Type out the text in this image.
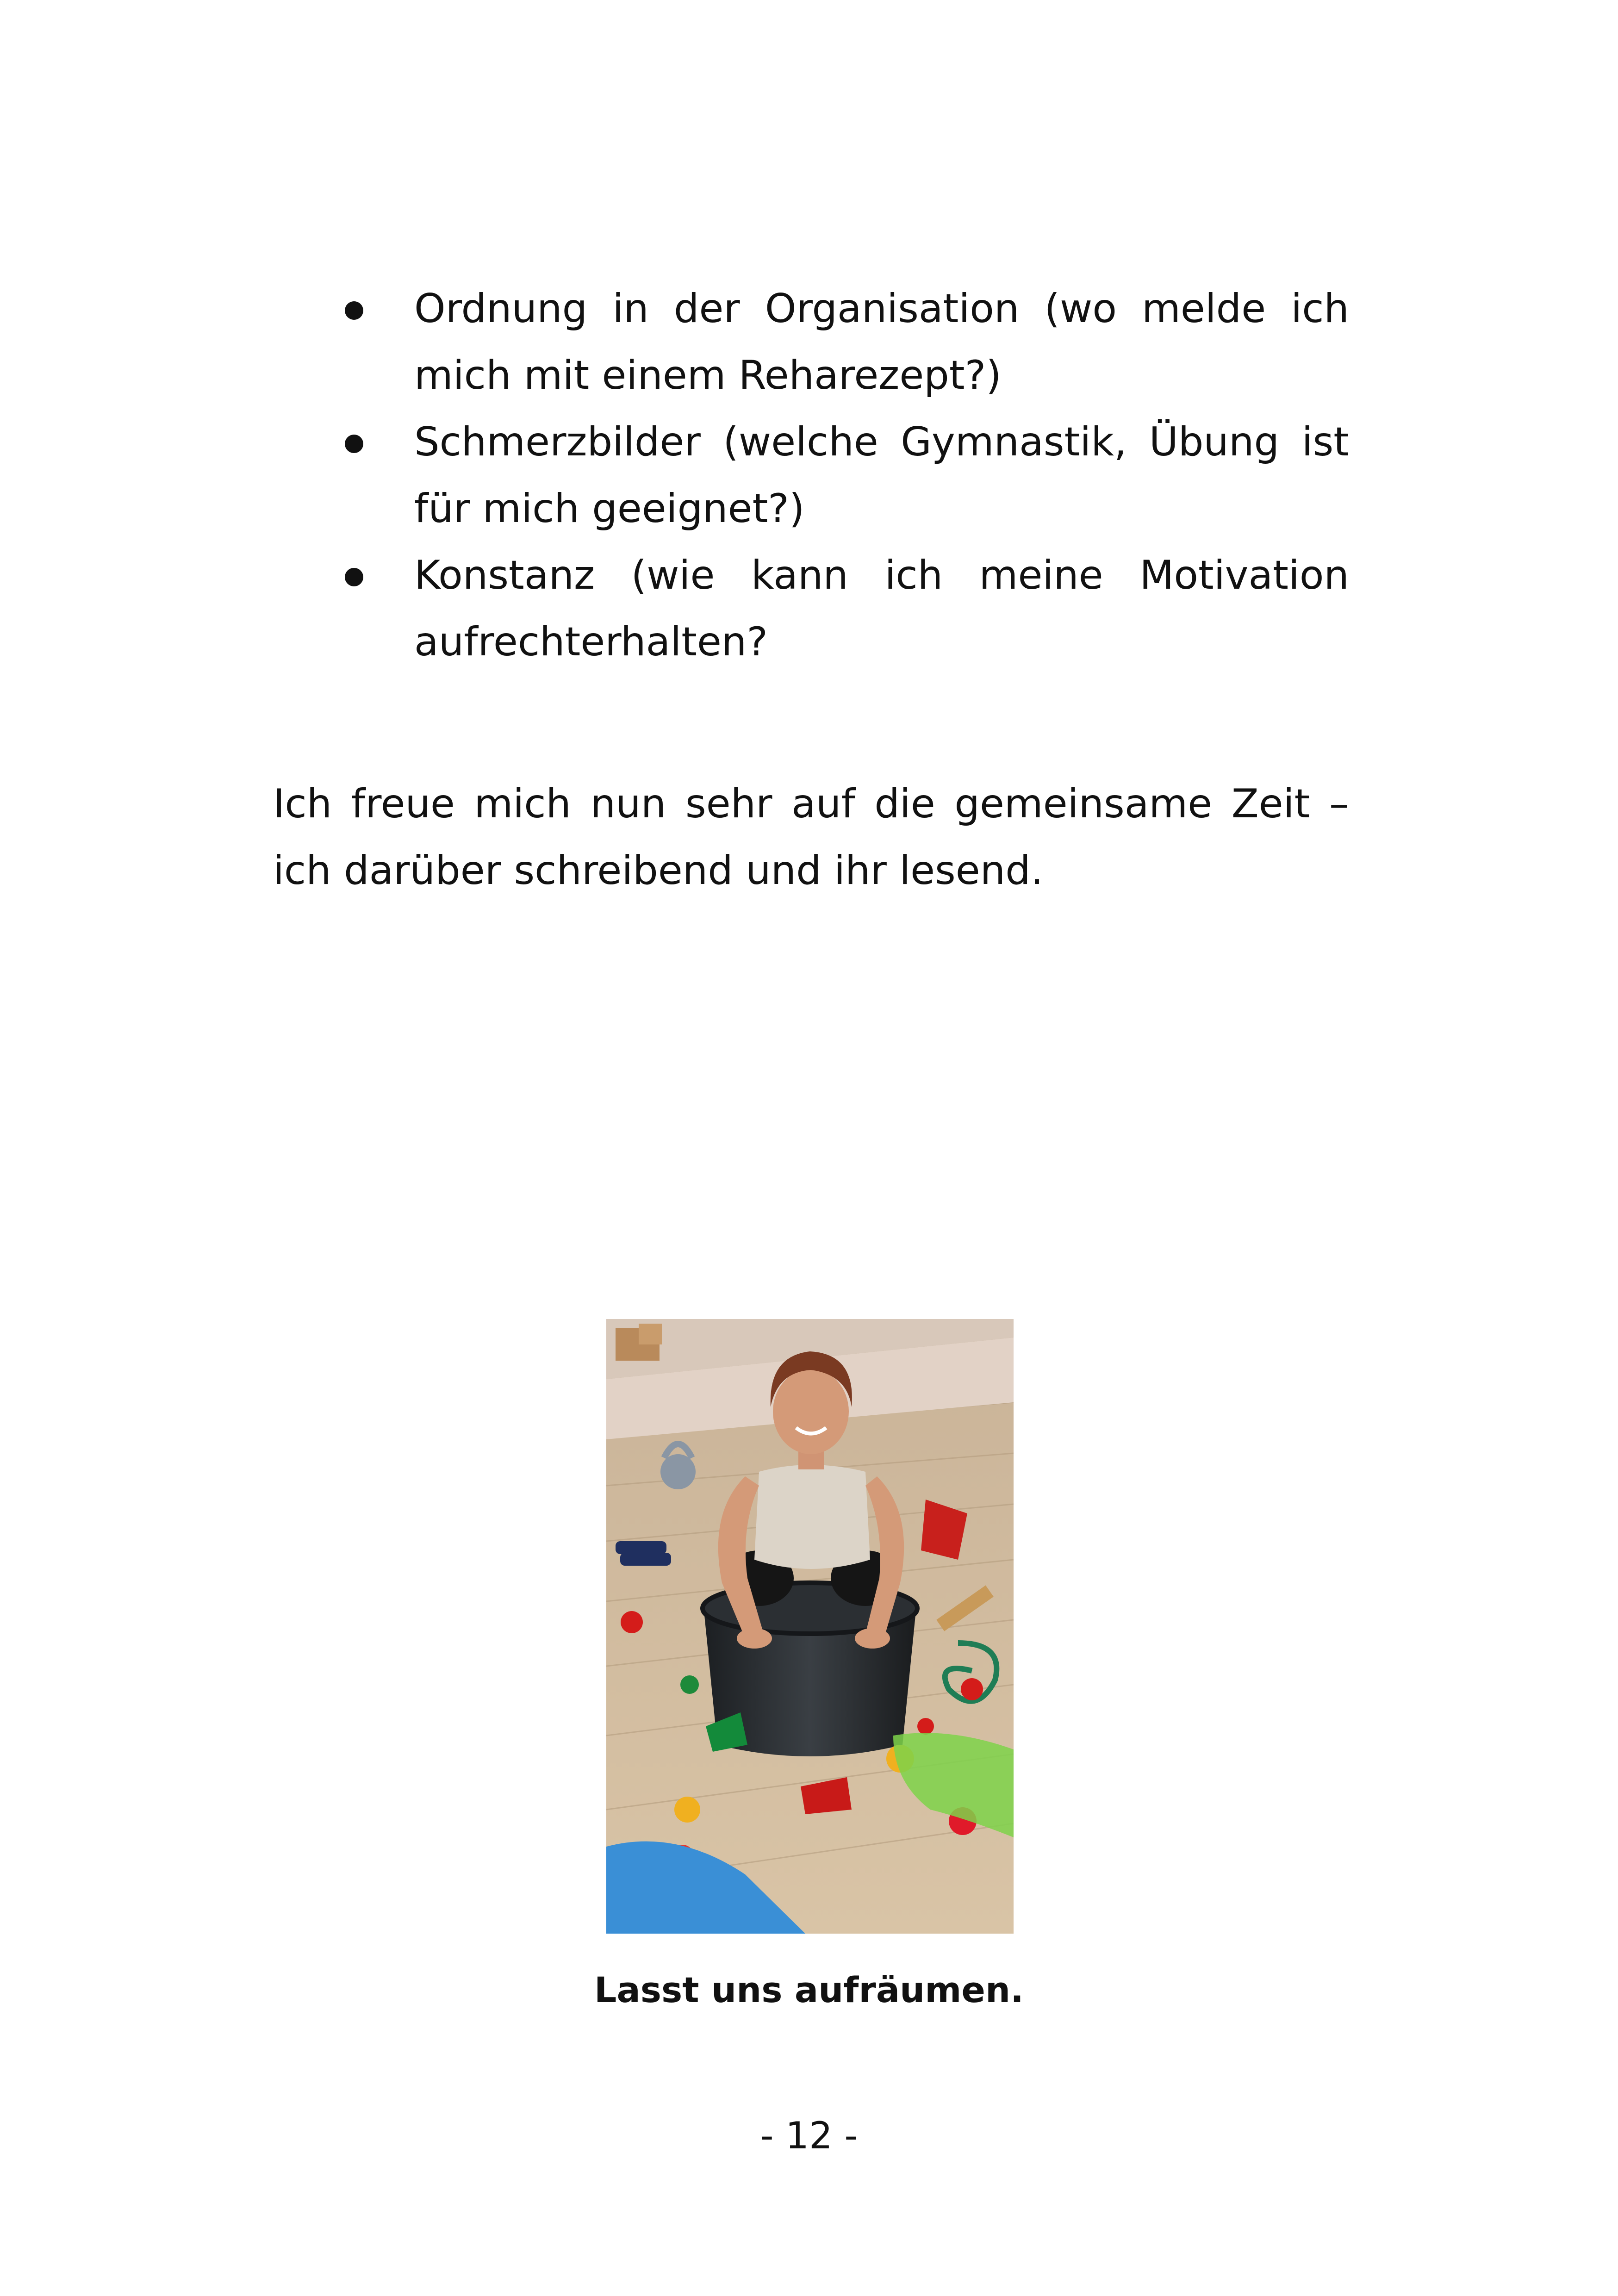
Ordnung in der Organisation (wo melde ich mich mit einem Reharezept?)
Schmerzbilder (welche Gymnastik, Übung ist für mich geeignet?)
Konstanz (wie kann ich meine Motivation aufrechterhalten?

Ich freue mich nun sehr auf die gemeinsame Zeit – ich darüber schreibend und ihr lesend.

Lasst uns aufräumen.
- 12 -
